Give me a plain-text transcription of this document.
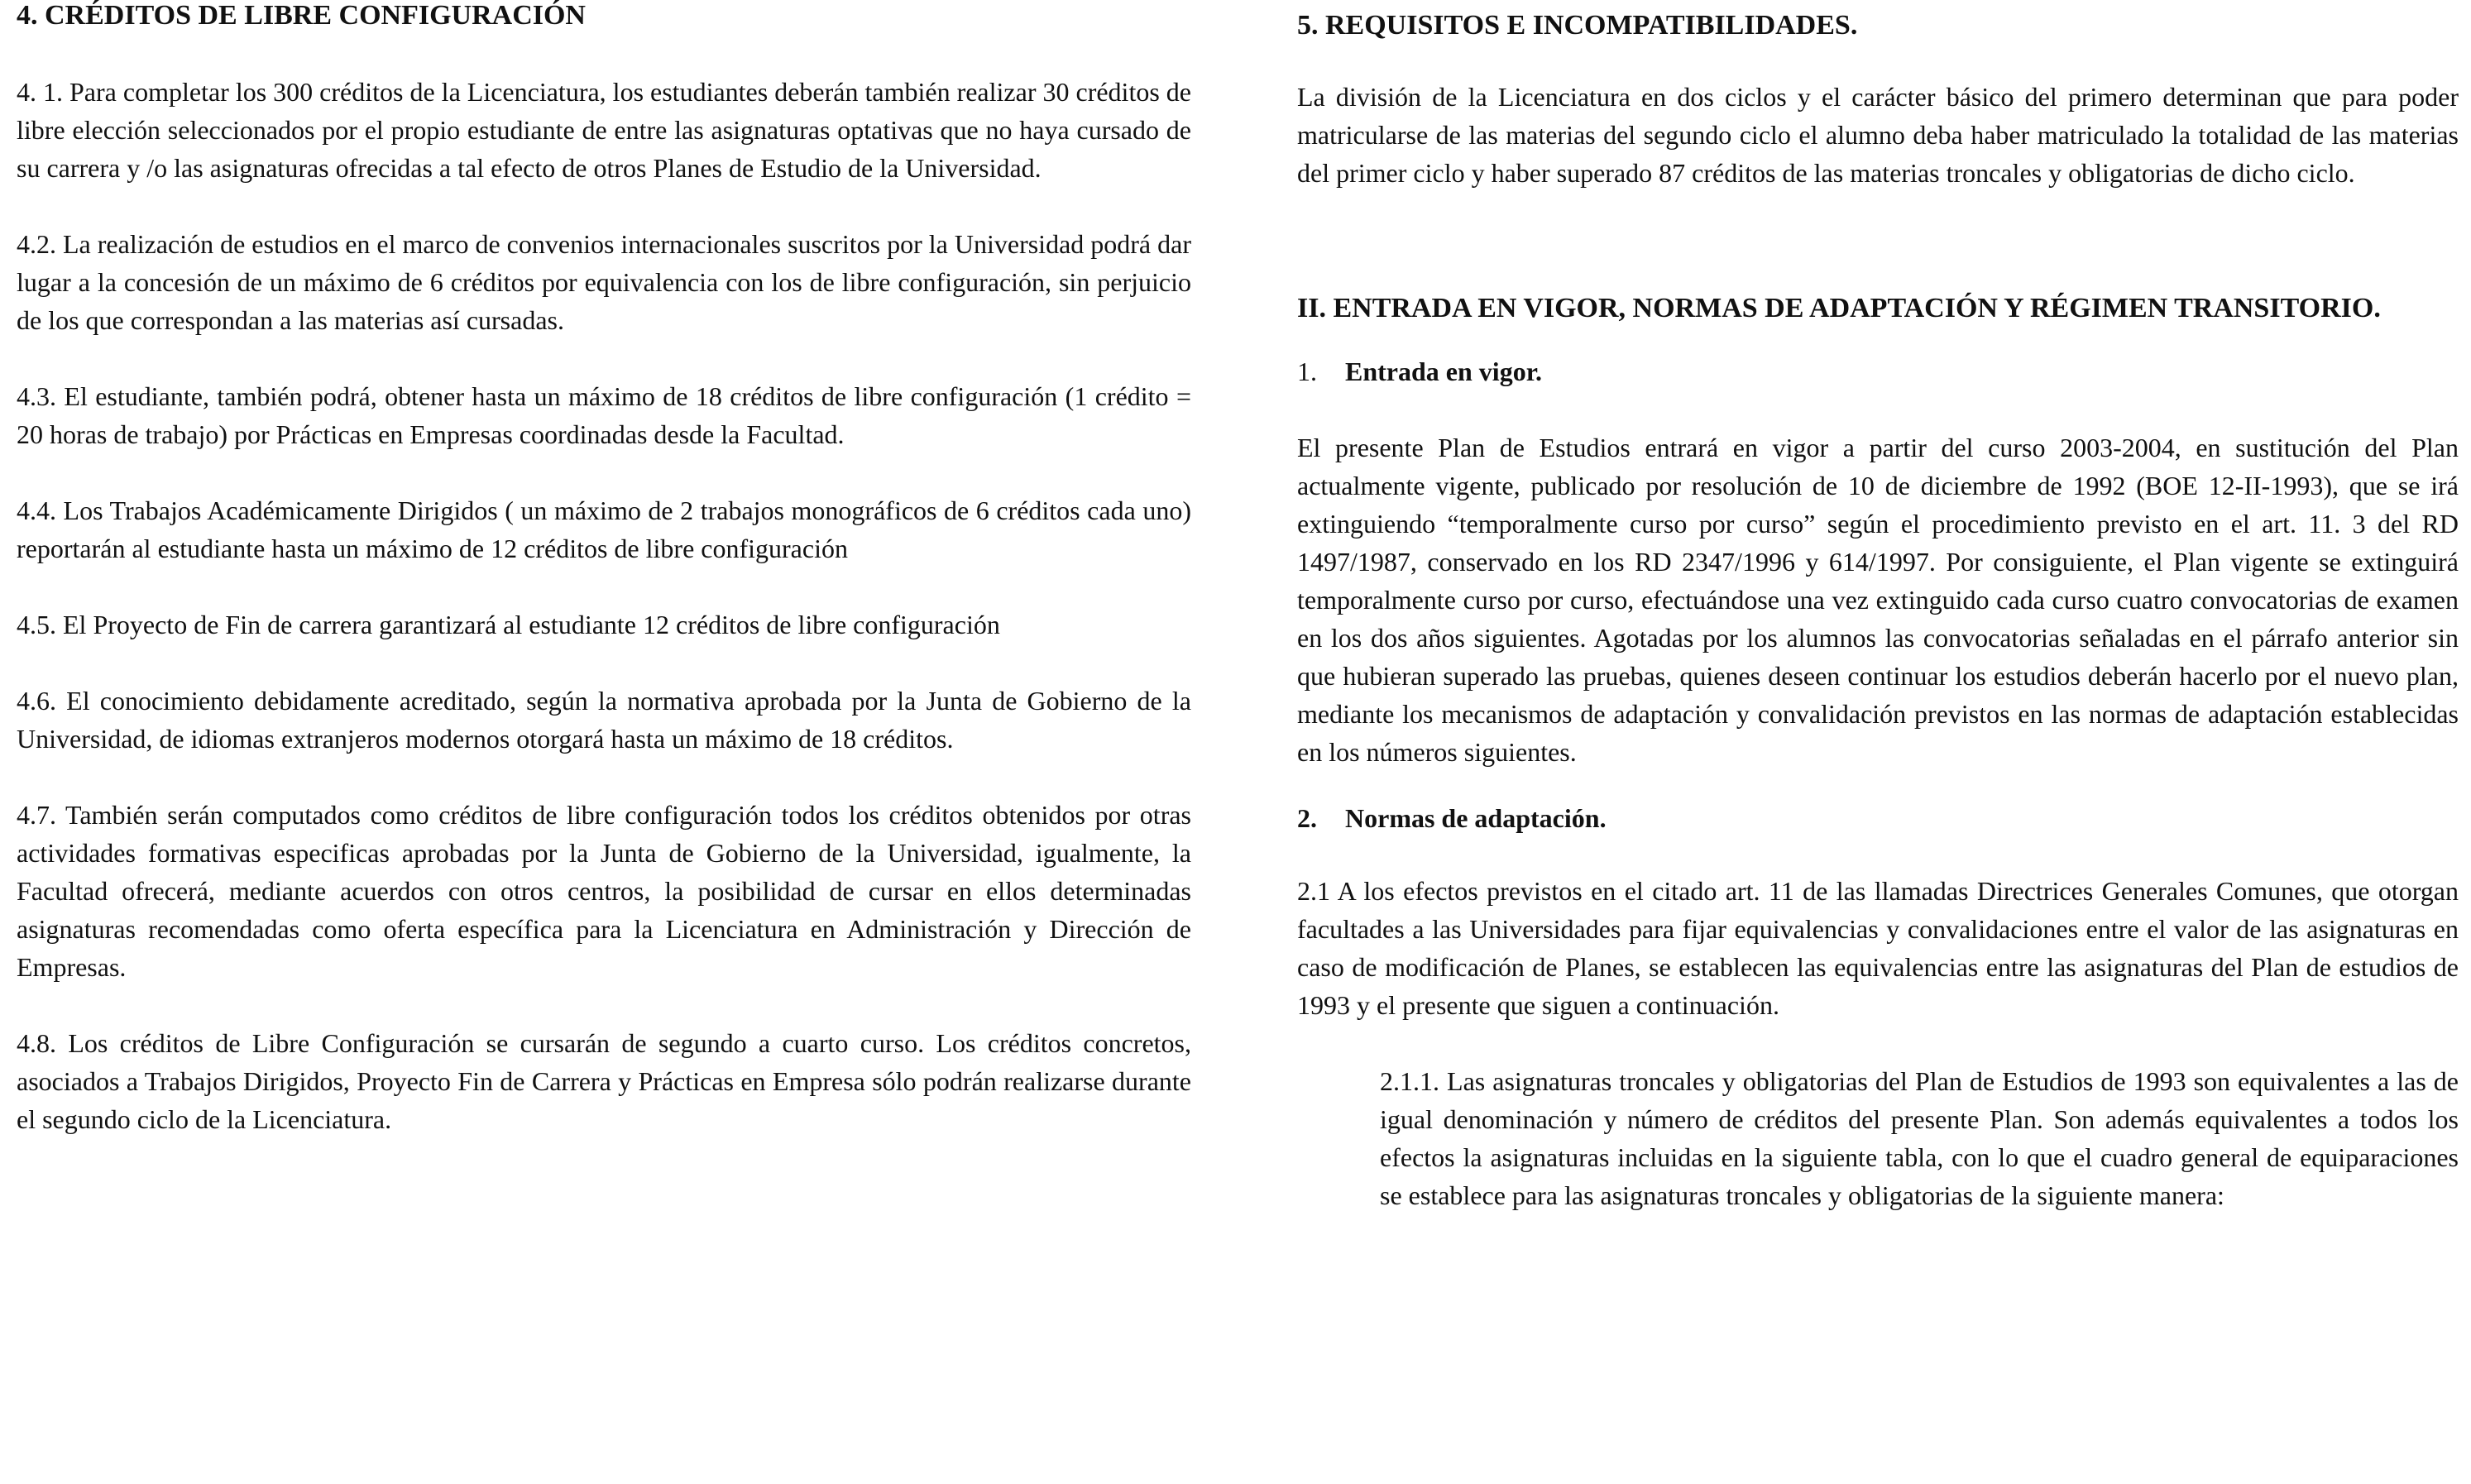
4. CRÉDITOS DE LIBRE CONFIGURACIÓN

4. 1. Para completar los 300 créditos de la Licenciatura, los estudiantes deberán también realizar 30 créditos de libre elección seleccionados por el propio estudiante de entre las asignaturas optativas que no haya cursado de su carrera y /o las asignaturas ofrecidas a tal efecto de otros Planes de Estudio de la Universidad.

4.2. La realización de estudios en el marco de convenios internacionales suscritos por la Universidad podrá dar lugar a la concesión de un máximo de 6 créditos por equivalencia con los de libre configuración, sin perjuicio de los que correspondan a las materias así cursadas.

4.3. El estudiante, también podrá, obtener hasta un máximo de 18 créditos de libre configuración (1 crédito = 20 horas de trabajo) por Prácticas en Empresas coordinadas desde la Facultad.

4.4. Los Trabajos Académicamente Dirigidos ( un máximo de 2 trabajos monográficos de 6 créditos cada uno) reportarán al estudiante hasta un máximo de 12 créditos de libre configuración

4.5. El Proyecto de Fin de carrera garantizará al estudiante 12 créditos de libre configuración

4.6. El conocimiento debidamente acreditado, según la normativa aprobada por la Junta de Gobierno de la Universidad, de idiomas extranjeros modernos otorgará hasta un máximo de 18 créditos.

4.7. También serán computados como créditos de libre configuración todos los créditos obtenidos por otras actividades formativas especificas aprobadas por la Junta de Gobierno de la Universidad, igualmente, la Facultad ofrecerá, mediante acuerdos con otros centros, la posibilidad de cursar en ellos determinadas asignaturas recomendadas como oferta específica para la Licenciatura en Administración y Dirección de Empresas.

4.8. Los créditos de Libre Configuración se cursarán de segundo a cuarto curso. Los créditos concretos, asociados a Trabajos Dirigidos, Proyecto Fin de Carrera y Prácticas en Empresa sólo podrán realizarse durante el segundo ciclo de la Licenciatura.

5. REQUISITOS E INCOMPATIBILIDADES.

La división de la Licenciatura en dos ciclos y el carácter básico del primero determinan que para poder matricularse de las materias del segundo ciclo el alumno deba haber matriculado la totalidad de las materias del primer ciclo y haber superado 87 créditos de las materias troncales y obligatorias de dicho ciclo.

II. ENTRADA EN VIGOR, NORMAS DE ADAPTACIÓN Y RÉGIMEN TRANSITORIO.
1. Entrada en vigor.

El presente Plan de Estudios entrará en vigor a partir del curso 2003-2004, en sustitución del Plan actualmente vigente, publicado por resolución de 10 de diciembre de 1992 (BOE 12-II-1993), que se irá extinguiendo “temporalmente curso por curso” según el procedimiento previsto en el art. 11. 3 del RD 1497/1987, conservado en los RD 2347/1996 y 614/1997. Por consiguiente, el Plan vigente se extinguirá temporalmente curso por curso, efectuándose una vez extinguido cada curso cuatro convocatorias de examen en los dos años siguientes. Agotadas por los alumnos las convocatorias señaladas en el párrafo anterior sin que hubieran superado las pruebas, quienes deseen continuar los estudios deberán hacerlo por el nuevo plan, mediante los mecanismos de adaptación y convalidación previstos en las normas de adaptación establecidas en los números siguientes.

2. Normas de adaptación.

2.1 A los efectos previstos en el citado art. 11 de las llamadas Directrices Generales Comunes, que otorgan facultades a las Universidades para fijar equivalencias y convalidaciones entre el valor de las asignaturas en caso de modificación de Planes, se establecen las equivalencias entre las asignaturas del Plan de estudios de 1993 y el presente que siguen a continuación.

2.1.1. Las asignaturas troncales y obligatorias del Plan de Estudios de 1993 son equivalentes a las de igual denominación y número de créditos del presente Plan. Son además equivalentes a todos los efectos la asignaturas incluidas en la siguiente tabla, con lo que el cuadro general de equiparaciones se establece para las asignaturas troncales y obligatorias de la siguiente manera:
